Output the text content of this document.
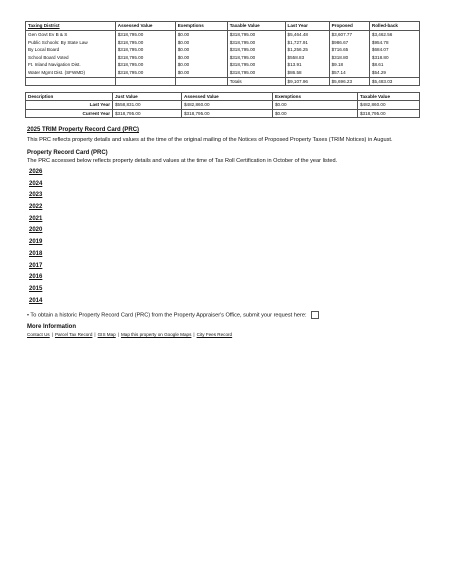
Taxing District	Assessed Value	Exemptions	Taxable Value	Last Year	Proposed	Rolled-back
Gen Govt Ev B & S	$318,795.00	$0.00	$318,795.00	$5,464.48	$3,607.77	$3,462.56
Public Schools: By State Law	$318,795.00	$0.00	$318,795.00	$1,727.91	$986.67	$954.78
By Local Board	$318,795.00	$0.00	$318,795.00	$1,256.25	$716.65	$684.07
School Board Voted	$318,795.00	$0.00	$318,795.00	$558.83	$318.80	$318.80
Ft. Inland Navigation Dist.	$318,795.00	$0.00	$318,795.00	$13.91	$9.18	$8.61
Water Mgmt Dist. (SFWMD)	$318,795.00	$0.00	$318,795.00	$86.58	$57.14	$54.29
			Totals	$9,107.96	$5,696.23	$5,483.03
Description	Just Value	Assessed Value	Exemptions	Taxable Value
Last Year	$558,831.00	$482,860.00	$0.00	$482,860.00
Current Year	$318,795.00	$318,795.00	$0.00	$318,795.00
2025 TRIM Property Record Card (PRC)
This PRC reflects property details and values at the time of the original mailing of the Notices of Proposed Property Taxes (TRIM Notices) in August.
Property Record Card (PRC)
The PRC accessed below reflects property details and values at the time of Tax Roll Certification in October of the year listed.
2026
2024
2023
2022
2021
2020
2019
2018
2017
2016
2015
2014
• To obtain a historic Property Record Card (PRC) from the Property Appraiser's Office, submit your request here:
More Information
Contact Us | Parcel Tax Record | GIS Map | Map this property on Google Maps | City Fees Record
